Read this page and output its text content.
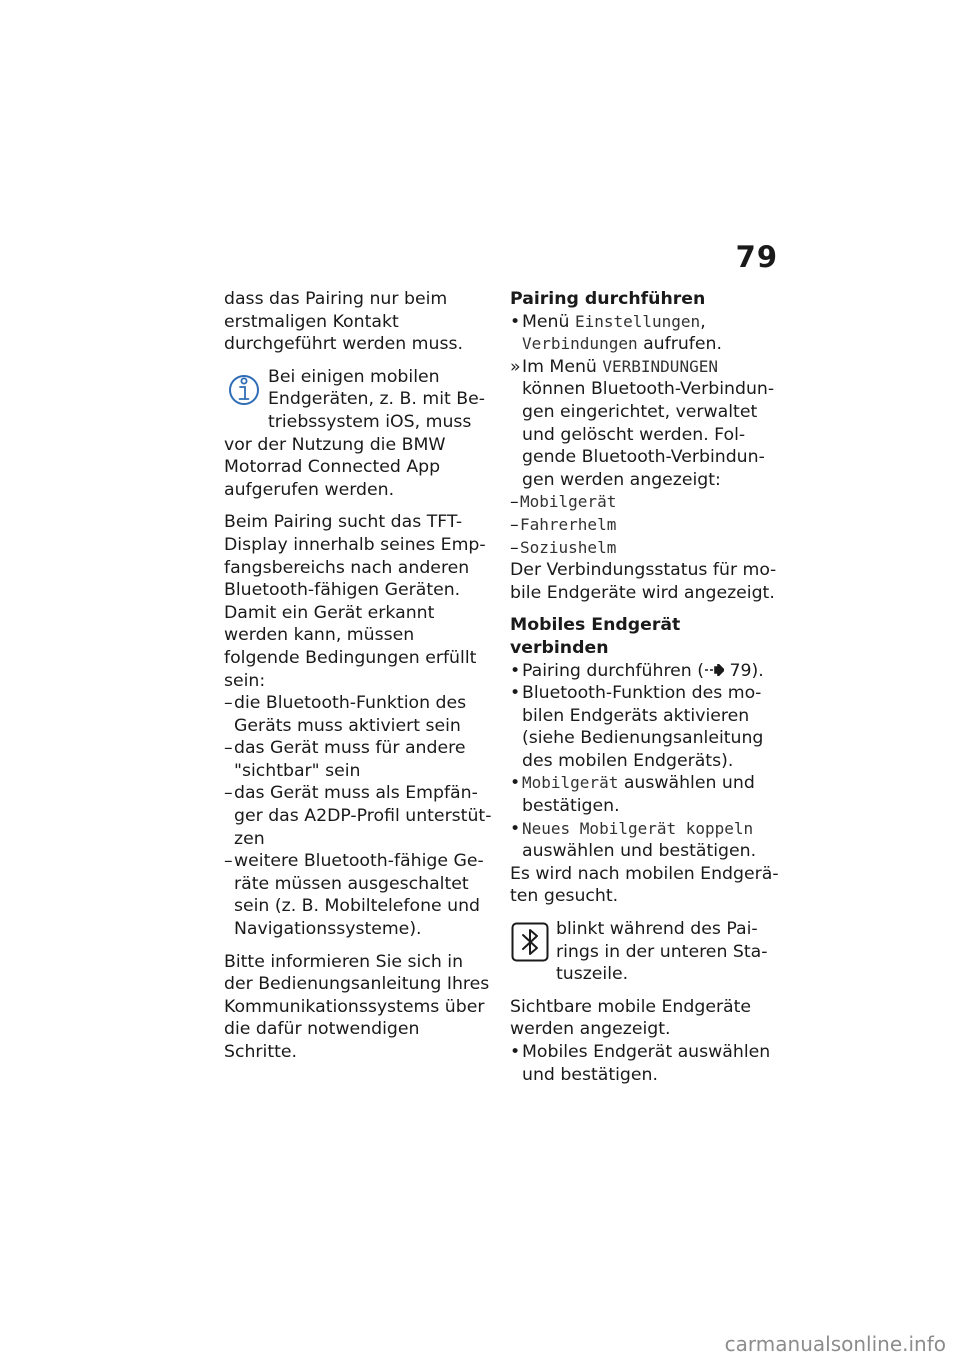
79

dass das Pairing nur beim erstmaligen Kontakt durchgeführt werden muss.

Bei einigen mobilen Endgeräten, z. B. mit Betriebssystem iOS, muss vor der Nutzung die BMW Motorrad Connected App aufgerufen werden.

Beim Pairing sucht das TFT-Display innerhalb seines Empfangsbereichs nach anderen Bluetooth-fähigen Geräten. Damit ein Gerät erkannt werden kann, müssen folgende Bedingungen erfüllt sein:

– die Bluetooth-Funktion des Geräts muss aktiviert sein
– das Gerät muss für andere "sichtbar" sein
– das Gerät muss als Empfänger das A2DP-Profil unterstützen
– weitere Bluetooth-fähige Geräte müssen ausgeschaltet sein (z. B. Mobiltelefone und Navigationssysteme).

Bitte informieren Sie sich in der Bedienungsanleitung Ihres Kommunikationssystems über die dafür notwendigen Schritte.

Pairing durchführen

• Menü Einstellungen, Verbindungen aufrufen.
» Im Menü VERBINDUNGEN können Bluetooth-Verbindungen eingerichtet, verwaltet und gelöscht werden. Folgende Bluetooth-Verbindungen werden angezeigt:
– Mobilgerät
– Fahrerhelm
– Soziushelm

Der Verbindungsstatus für mobile Endgeräte wird angezeigt.

Mobiles Endgerät verbinden

• Pairing durchführen ( 79).
• Bluetooth-Funktion des mobilen Endgeräts aktivieren (siehe Bedienungsanleitung des mobilen Endgeräts).
• Mobilgerät auswählen und bestätigen.
• Neues Mobilgerät koppeln auswählen und bestätigen.

Es wird nach mobilen Endgeräten gesucht.

blinkt während des Pairings in der unteren Statuszeile.

Sichtbare mobile Endgeräte werden angezeigt.

• Mobiles Endgerät auswählen und bestätigen.
carmanualsonline.info
